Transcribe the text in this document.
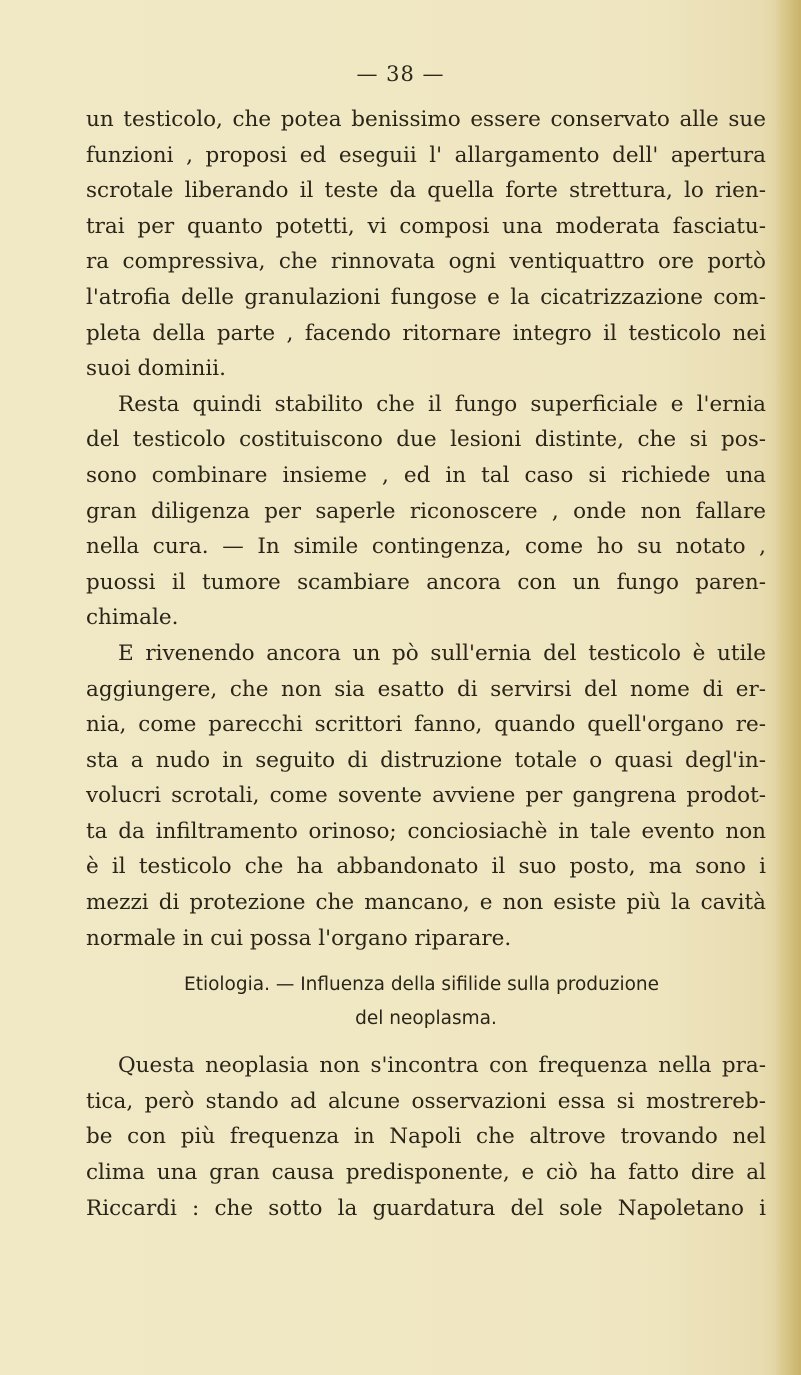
— 38 —
un testicolo, che potea benissimo essere conservato alle sue
funzioni , proposi ed eseguii l' allargamento dell' apertura
scrotale liberando il teste da quella forte strettura, lo rien-
trai per quanto potetti, vi composi una moderata fasciatu-
ra compressiva, che rinnovata ogni ventiquattro ore portò
l'atrofia delle granulazioni fungose e la cicatrizzazione com-
pleta della parte , facendo ritornare integro il testicolo nei
suoi dominii.
Resta quindi stabilito che il fungo superficiale e l'ernia
del testicolo costituiscono due lesioni distinte, che si pos-
sono combinare insieme , ed in tal caso si richiede una
gran diligenza per saperle riconoscere , onde non fallare
nella cura. — In simile contingenza, come ho su notato ,
puossi il tumore scambiare ancora con un fungo paren-
chimale.
E rivenendo ancora un pò sull'ernia del testicolo è utile
aggiungere, che non sia esatto di servirsi del nome di er-
nia, come parecchi scrittori fanno, quando quell'organo re-
sta a nudo in seguito di distruzione totale o quasi degl'in-
volucri scrotali, come sovente avviene per gangrena prodot-
ta da infiltramento orinoso; conciosiachè in tale evento non
è il testicolo che ha abbandonato il suo posto, ma sono i
mezzi di protezione che mancano, e non esiste più la cavità
normale in cui possa l'organo riparare.
Etiologia. — Influenza della sifilide sulla produzione
del neoplasma.
Questa neoplasia non s'incontra con frequenza nella pra-
tica, però stando ad alcune osservazioni essa si mostrereb-
be con più frequenza in Napoli che altrove trovando nel
clima una gran causa predisponente, e ciò ha fatto dire al
Riccardi : che sotto la guardatura del sole Napoletano i
